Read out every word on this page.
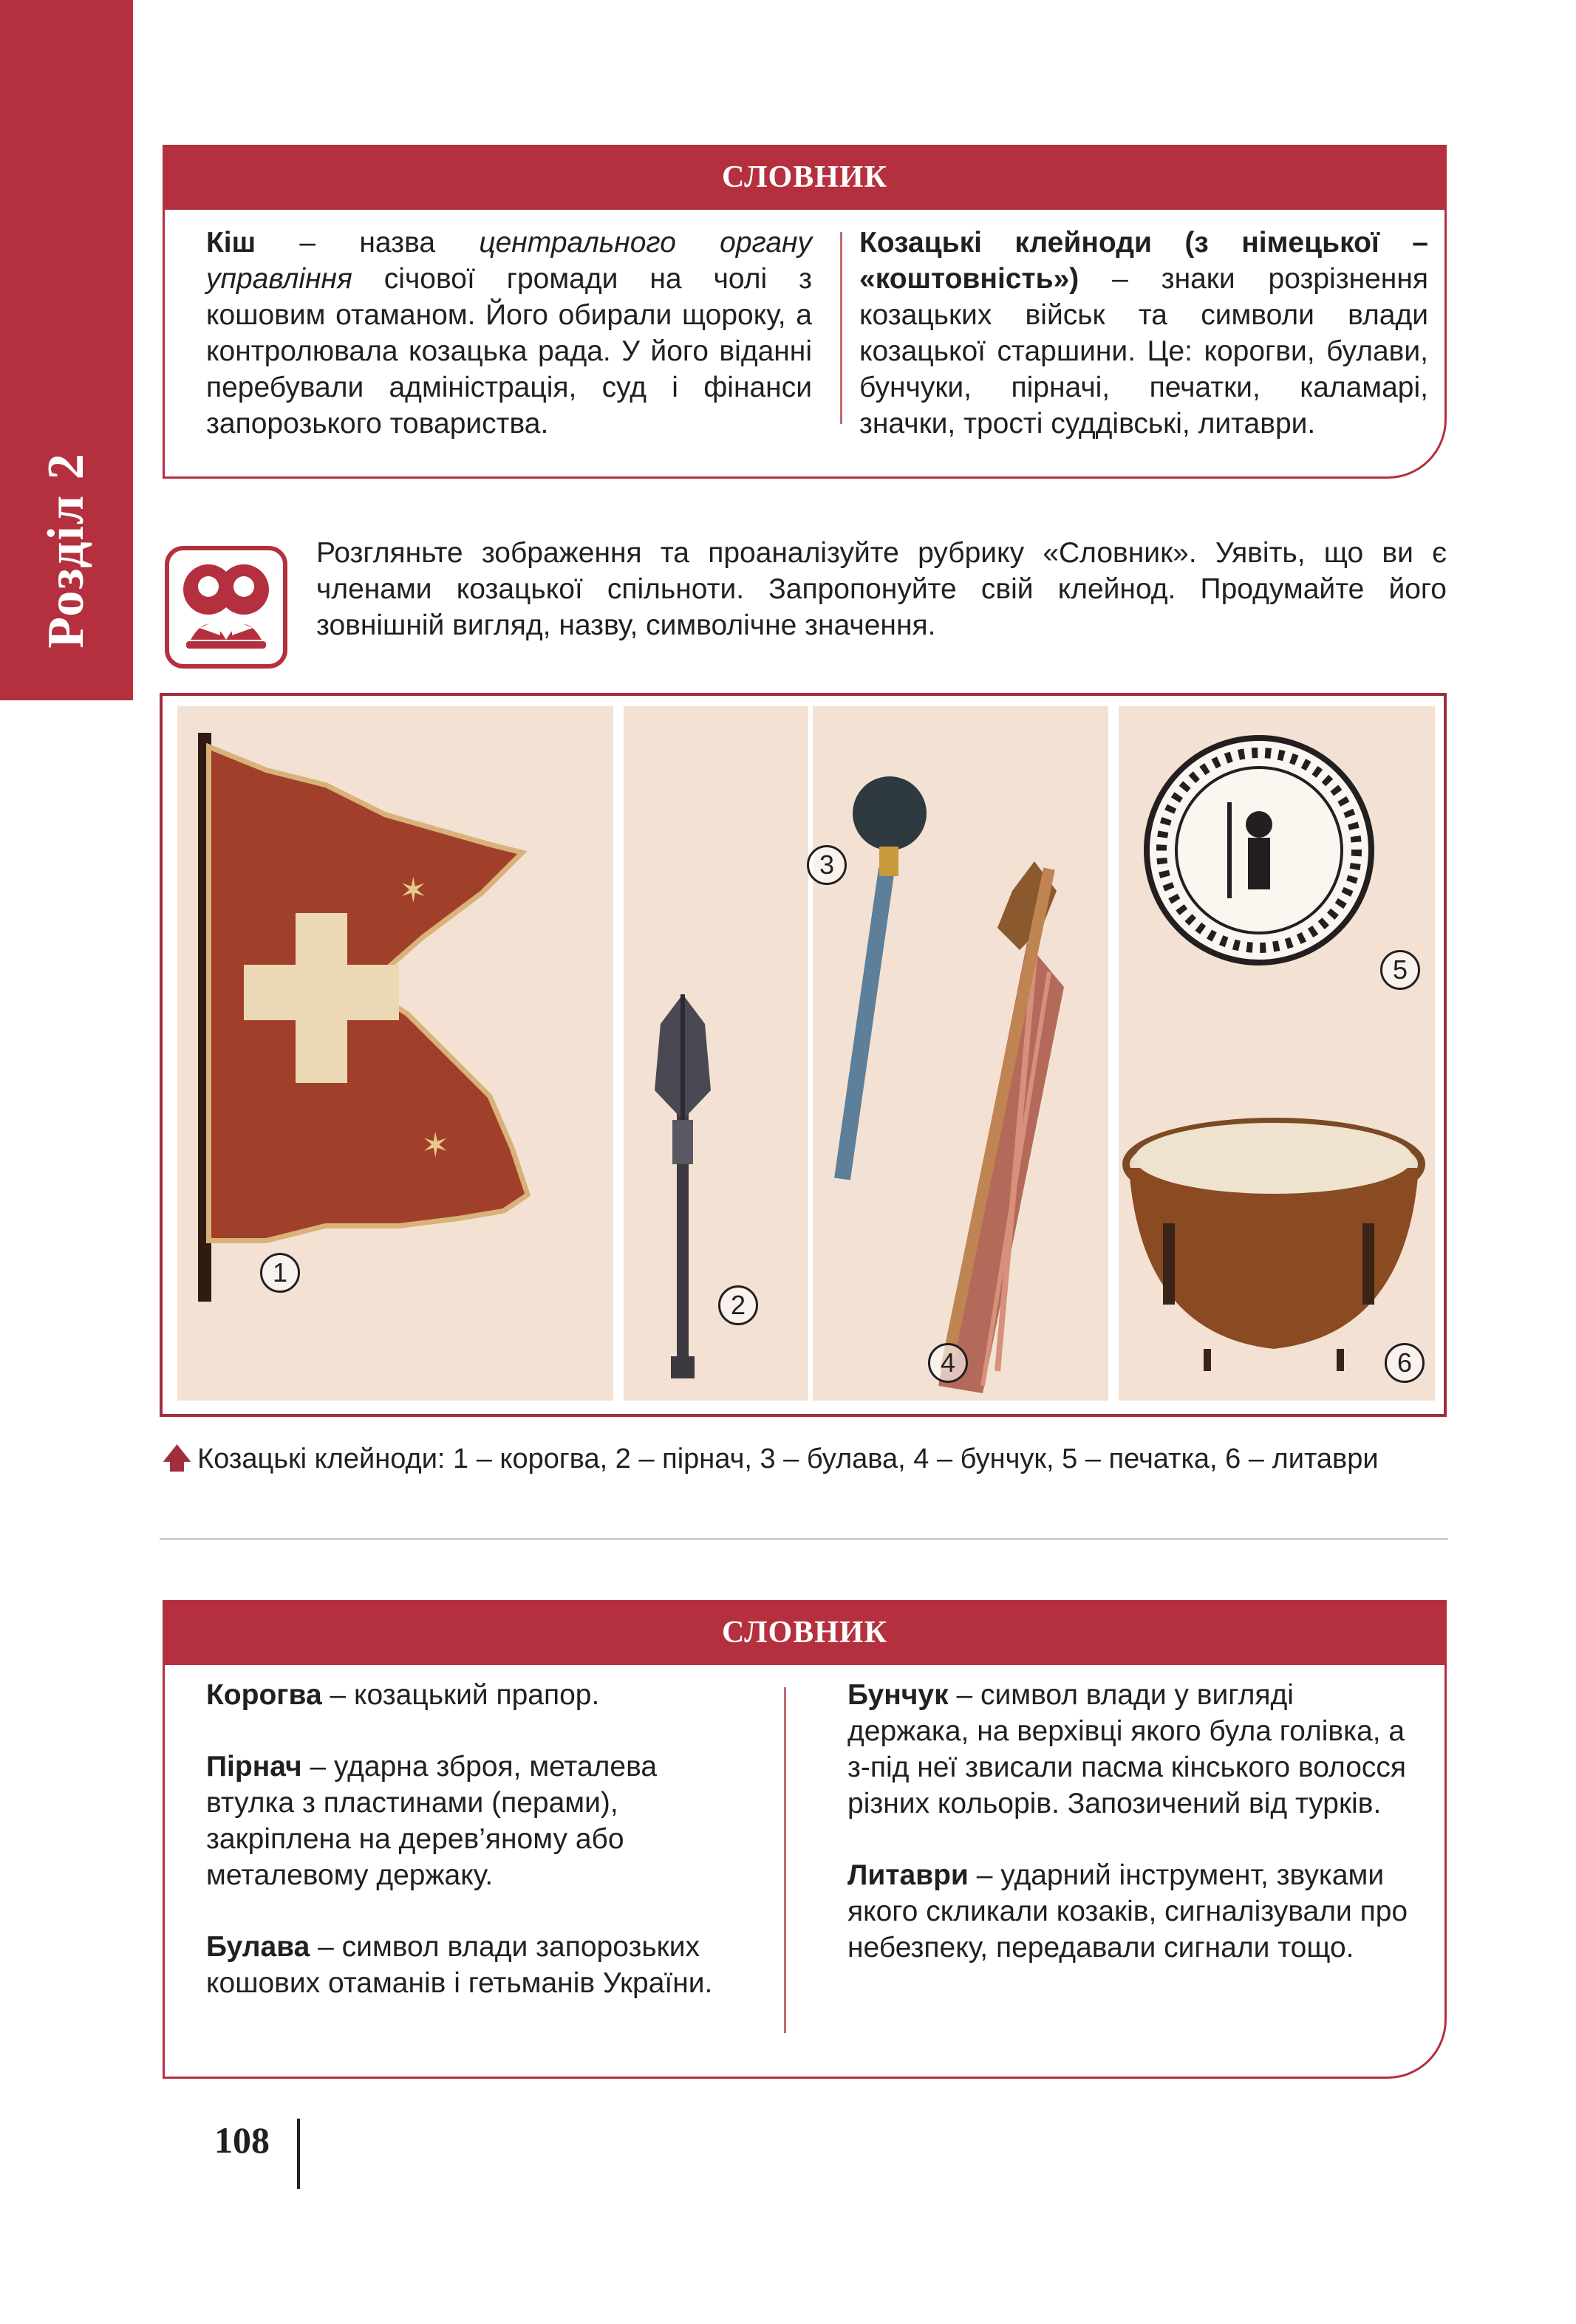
Розділ 2
СЛОВНИК

Кіш – назва центрального органу управління січової громади на чолі з кошовим отаманом. Його обирали щороку, а контролювала козацька рада. У його віданні перебували адміністрація, суд і фінанси запорозького товариства.

Козацькі клейноди (з німецької – «коштовність») – знаки розрізнення козацьких військ та символи влади козацької старшини. Це: корогви, булави, бунчуки, пірначі, печатки, каламарі, значки, трості суддівські, литаври.

Розгляньте зображення та проаналізуйте рубрику «Словник». Уявіть, що ви є членами козацької спільноти. Запропонуйте свій клейнод. Продумайте його зовнішній вигляд, назву, символічне значення.

✶
✶
1
2
3
4
5
6
🡅 Козацькі клейноди: 1 – корогва, 2 – пірнач, 3 – булава, 4 – бунчук, 5 – печатка, 6 – литаври
СЛОВНИК

Корогва – козацький прапор.

Пірнач – ударна зброя, металева втулка з пластинами (перами), закріплена на дерев’яному або металевому держаку.

Булава – символ влади запорозьких кошових отаманів і гетьманів України.

Бунчук – символ влади у вигляді держака, на верхівці якого була голівка, а з-під неї звисали пасма кінського волосся різних кольорів. Запозичений від турків.

Литаври – ударний інструмент, звуками якого скликали козаків, сигналізували про небезпеку, передавали сигнали тощо.

108
